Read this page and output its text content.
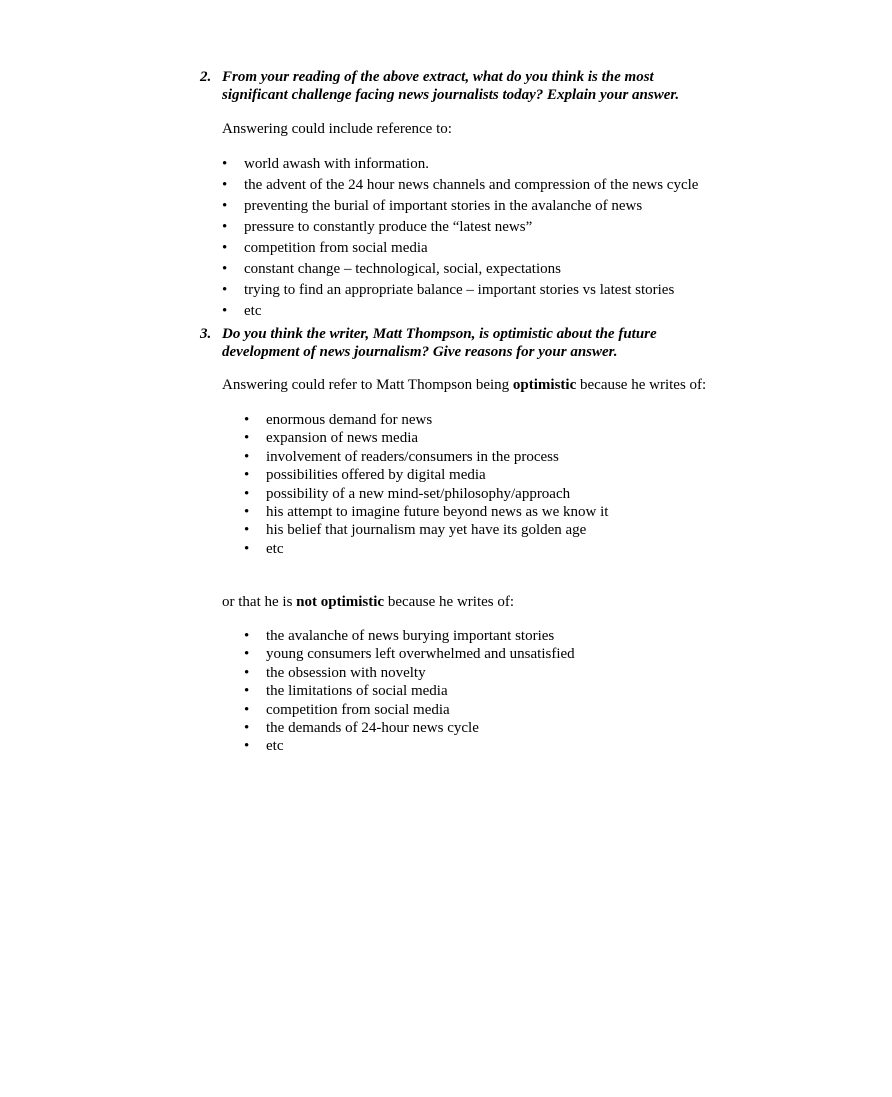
2. From your reading of the above extract, what do you think is the most
significant challenge facing news journalists today? Explain your answer.
Answering could include reference to:
• world awash with information.
• the advent of the 24 hour news channels and compression of the news cycle
• preventing the burial of important stories in the avalanche of news
• pressure to constantly produce the “latest news”
• competition from social media
• constant change – technological, social, expectations
• trying to find an appropriate balance – important stories vs latest stories
• etc
3. Do you think the writer, Matt Thompson, is optimistic about the future
development of news journalism? Give reasons for your answer.
Answering could refer to Matt Thompson being optimistic because he writes of:
• enormous demand for news
• expansion of news media
• involvement of readers/consumers in the process
• possibilities offered by digital media
• possibility of a new mind-set/philosophy/approach
• his attempt to imagine future beyond news as we know it
• his belief that journalism may yet have its golden age
• etc
or that he is not optimistic because he writes of:
• the avalanche of news burying important stories
• young consumers left overwhelmed and unsatisfied
• the obsession with novelty
• the limitations of social media
• competition from social media
• the demands of 24-hour news cycle
• etc
